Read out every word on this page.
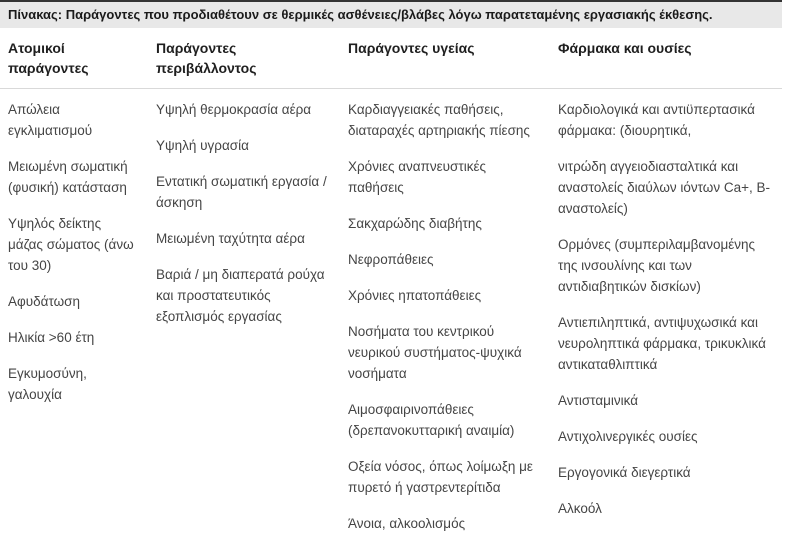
Πίνακας: Παράγοντες που προδιαθέτουν σε θερμικές ασθένειες/βλάβες λόγω παρατεταμένης εργασιακής έκθεσης.
Ατομικοί παράγοντες
Παράγοντες περιβάλλοντος
Παράγοντες υγείας	Φάρμακα και ουσίες

Απώλεια εγκλιματισμού

Μειωμένη σωματική (φυσική) κατάσταση

Υψηλός δείκτης μάζας σώματος (άνω του 30)

Αφυδάτωση

Ηλικία >60 έτη

Εγκυμοσύνη, γαλουχία

Υψηλή θερμοκρασία αέρα

Υψηλή υγρασία

Εντατική σωματική εργασία / άσκηση

Μειωμένη ταχύτητα αέρα

Βαριά / μη διαπερατά ρούχα και προστατευτικός εξοπλισμός εργασίας

Καρδιαγγειακές παθήσεις, διαταραχές αρτηριακής πίεσης

Χρόνιες αναπνευστικές παθήσεις

Σακχαρώδης διαβήτης

Νεφροπάθειες

Χρόνιες ηπατοπάθειες

Νοσήματα του κεντρικού νευρικού συστήματος-ψυχικά νοσήματα

Αιμοσφαιρινοπάθειες (δρεπανοκυτταρική αναιμία)

Οξεία νόσος, όπως λοίμωξη με πυρετό ή γαστρεντερίτιδα

Άνοια, αλκοολισμός

Καρδιολογικά και αντιϋπερτασικά φάρμακα: (διουρητικά,

νιτρώδη αγγειοδιασταλτικά και αναστολείς διαύλων ιόντων Ca+, Β-αναστολείς)

Ορμόνες (συμπεριλαμβανομένης της ινσουλίνης και των αντιδιαβητικών δισκίων)

Αντιεπιληπτικά, αντιψυχωσικά και νευροληπτικά φάρμακα, τρικυκλικά αντικαταθλιπτικά

Αντισταμινικά

Αντιχολινεργικές ουσίες

Εργογονικά διεγερτικά

Αλκοόλ
